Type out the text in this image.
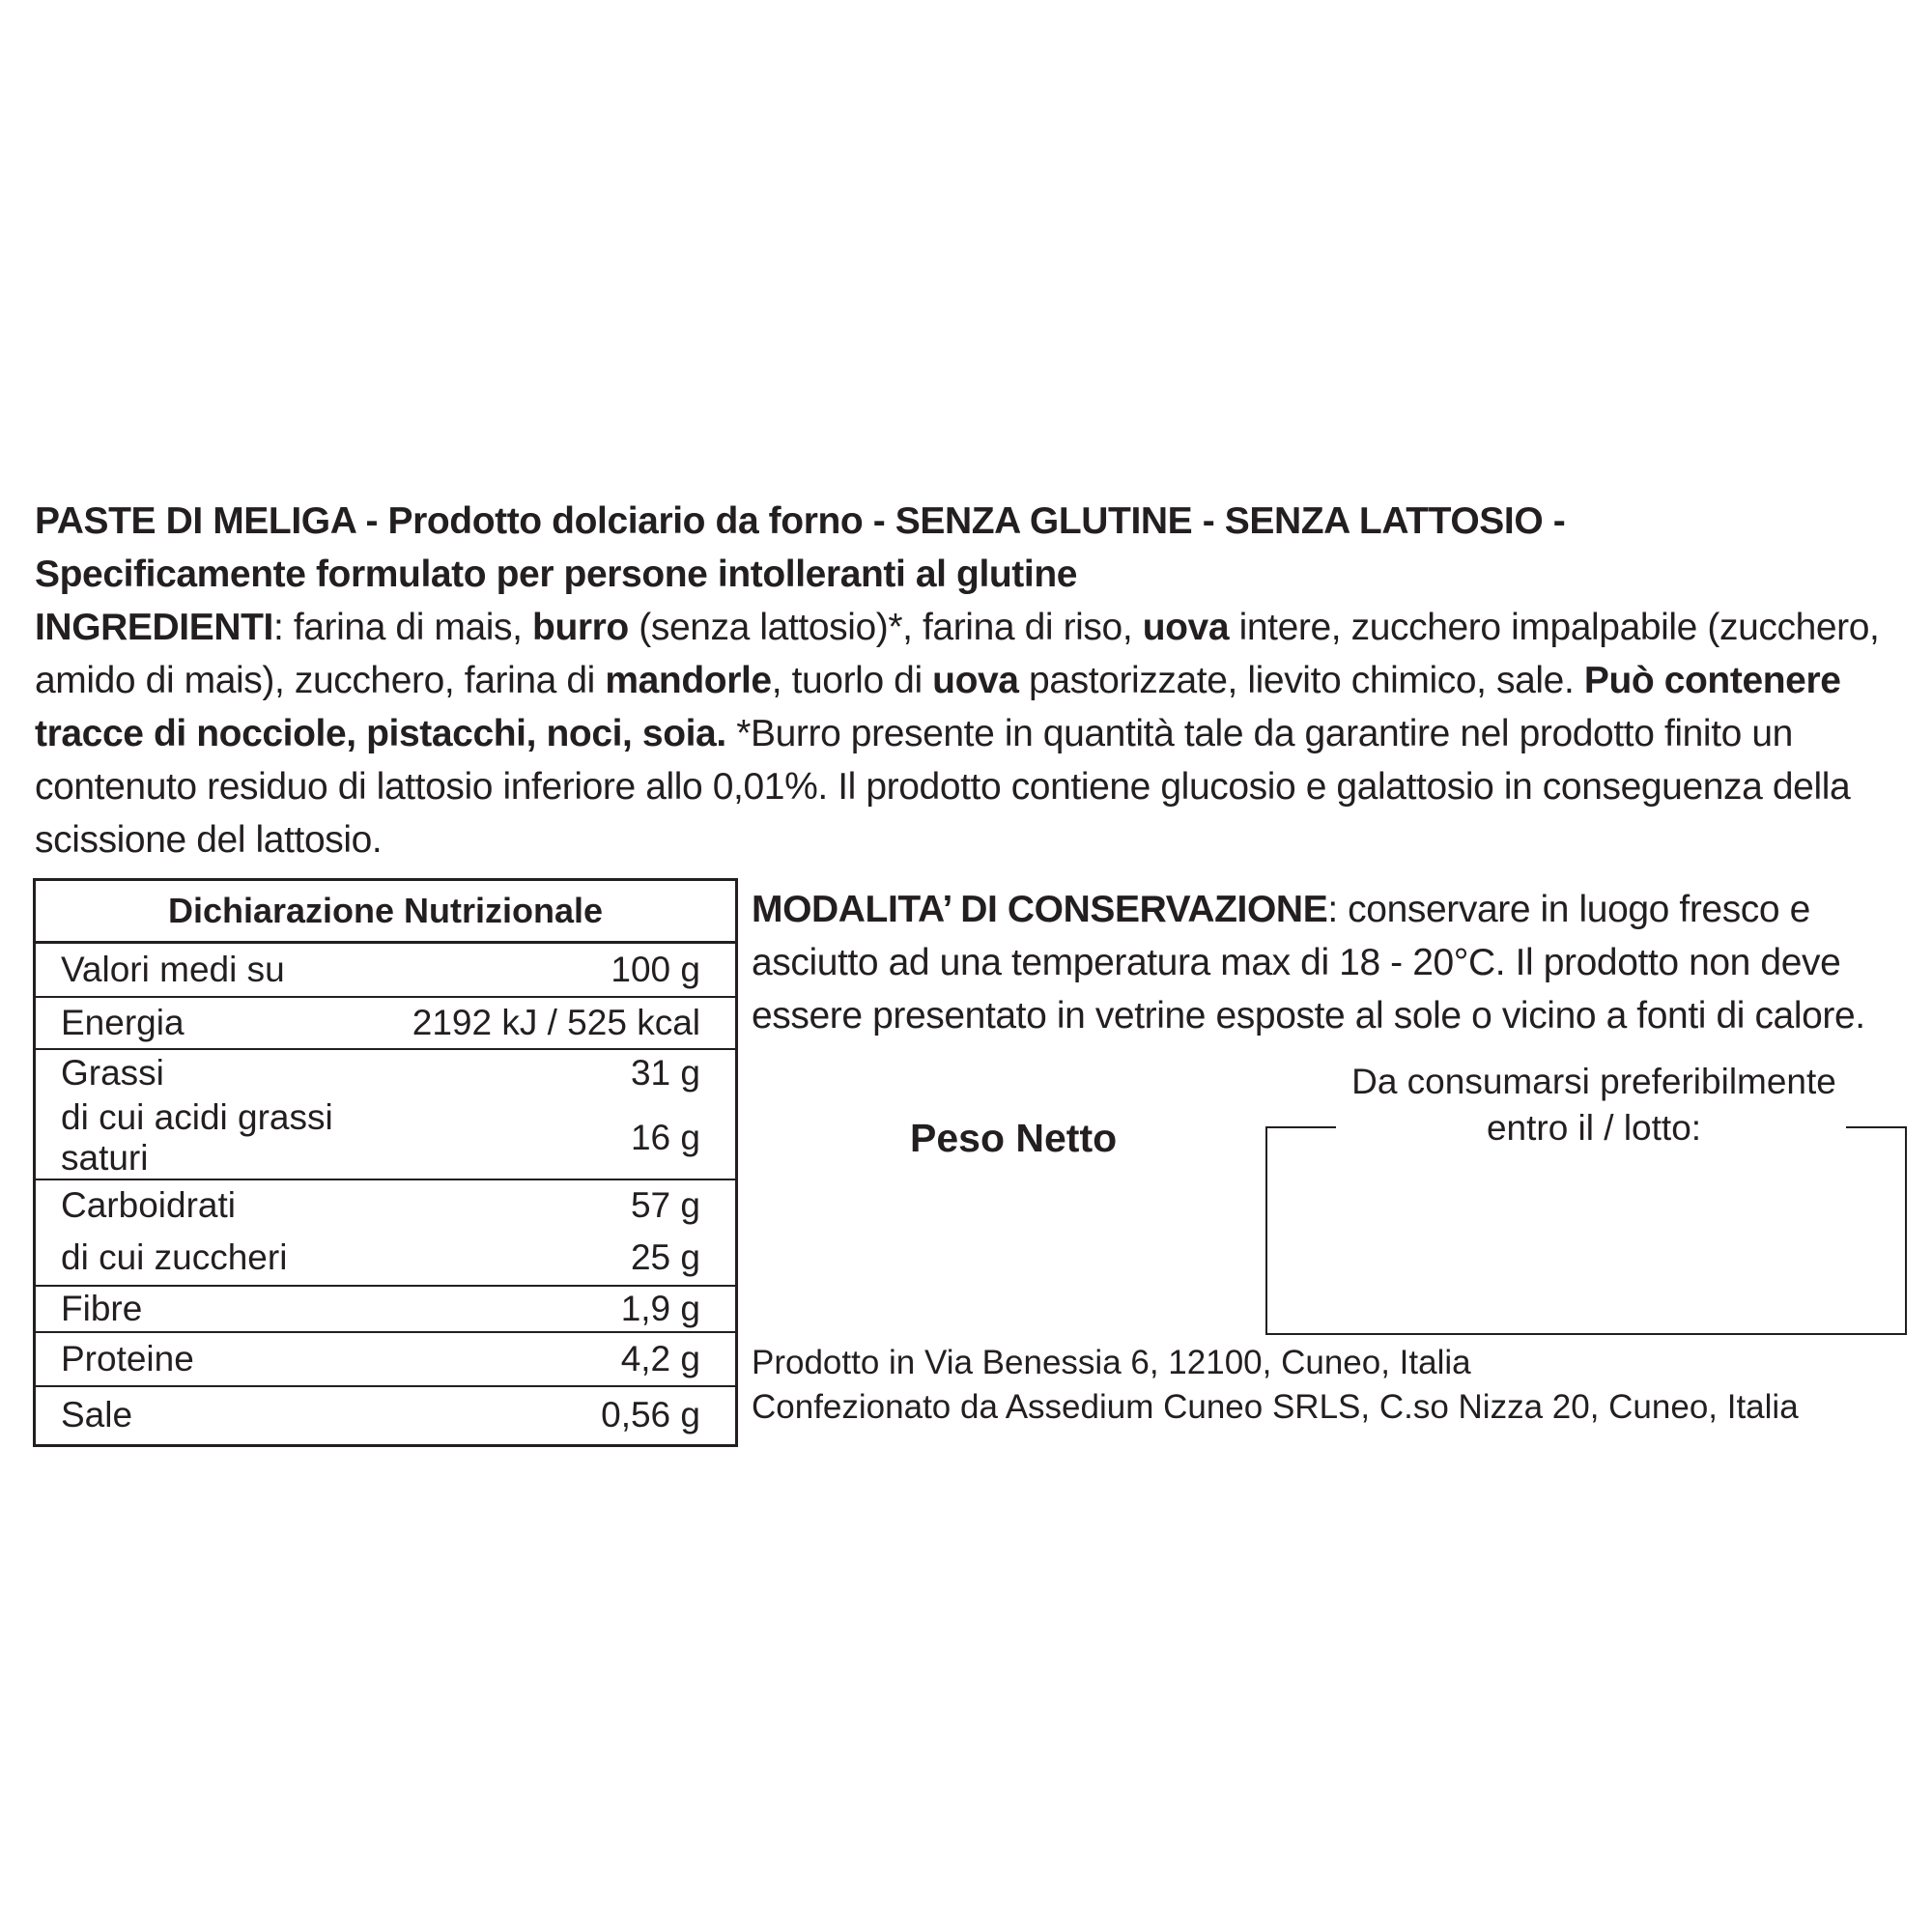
PASTE DI MELIGA - Prodotto dolciario da forno - SENZA GLUTINE - SENZA LATTOSIO -

Specificamente formulato per persone intolleranti al glutine

INGREDIENTI: farina di mais, burro (senza lattosio)*, farina di riso, uova intere, zucchero impalpabile (zucchero, amido di mais), zucchero, farina di mandorle, tuorlo di uova pastorizzate, lievito chimico, sale. Può contenere tracce di nocciole, pistacchi, noci, soia. *Burro presente in quantità tale da garantire nel prodotto finito un contenuto residuo di lattosio inferiore allo 0,01%. Il prodotto contiene glucosio e galattosio in conseguenza della scissione del lattosio.

Dichiarazione Nutrizionale	
Valori medi su	100 g
Energia	2192 kJ / 525 kcal
Grassi	31 g
di cui acidi grassi saturi	16 g
Carboidrati	57 g
di cui zuccheri	25 g
Fibre	1,9 g
Proteine	4,2 g
Sale	0,56 g

MODALITA’ DI CONSERVAZIONE: conservare in luogo fresco e asciutto ad una temperatura max di 18 - 20°C. Il prodotto non deve essere presentato in vetrine esposte al sole o vicino a fonti di calore.

Peso Netto

Da consumarsi preferibilmente
entro il / lotto:

Prodotto in Via Benessia 6, 12100, Cuneo, Italia
Confezionato da Assedium Cuneo SRLS, C.so Nizza 20, Cuneo, Italia
